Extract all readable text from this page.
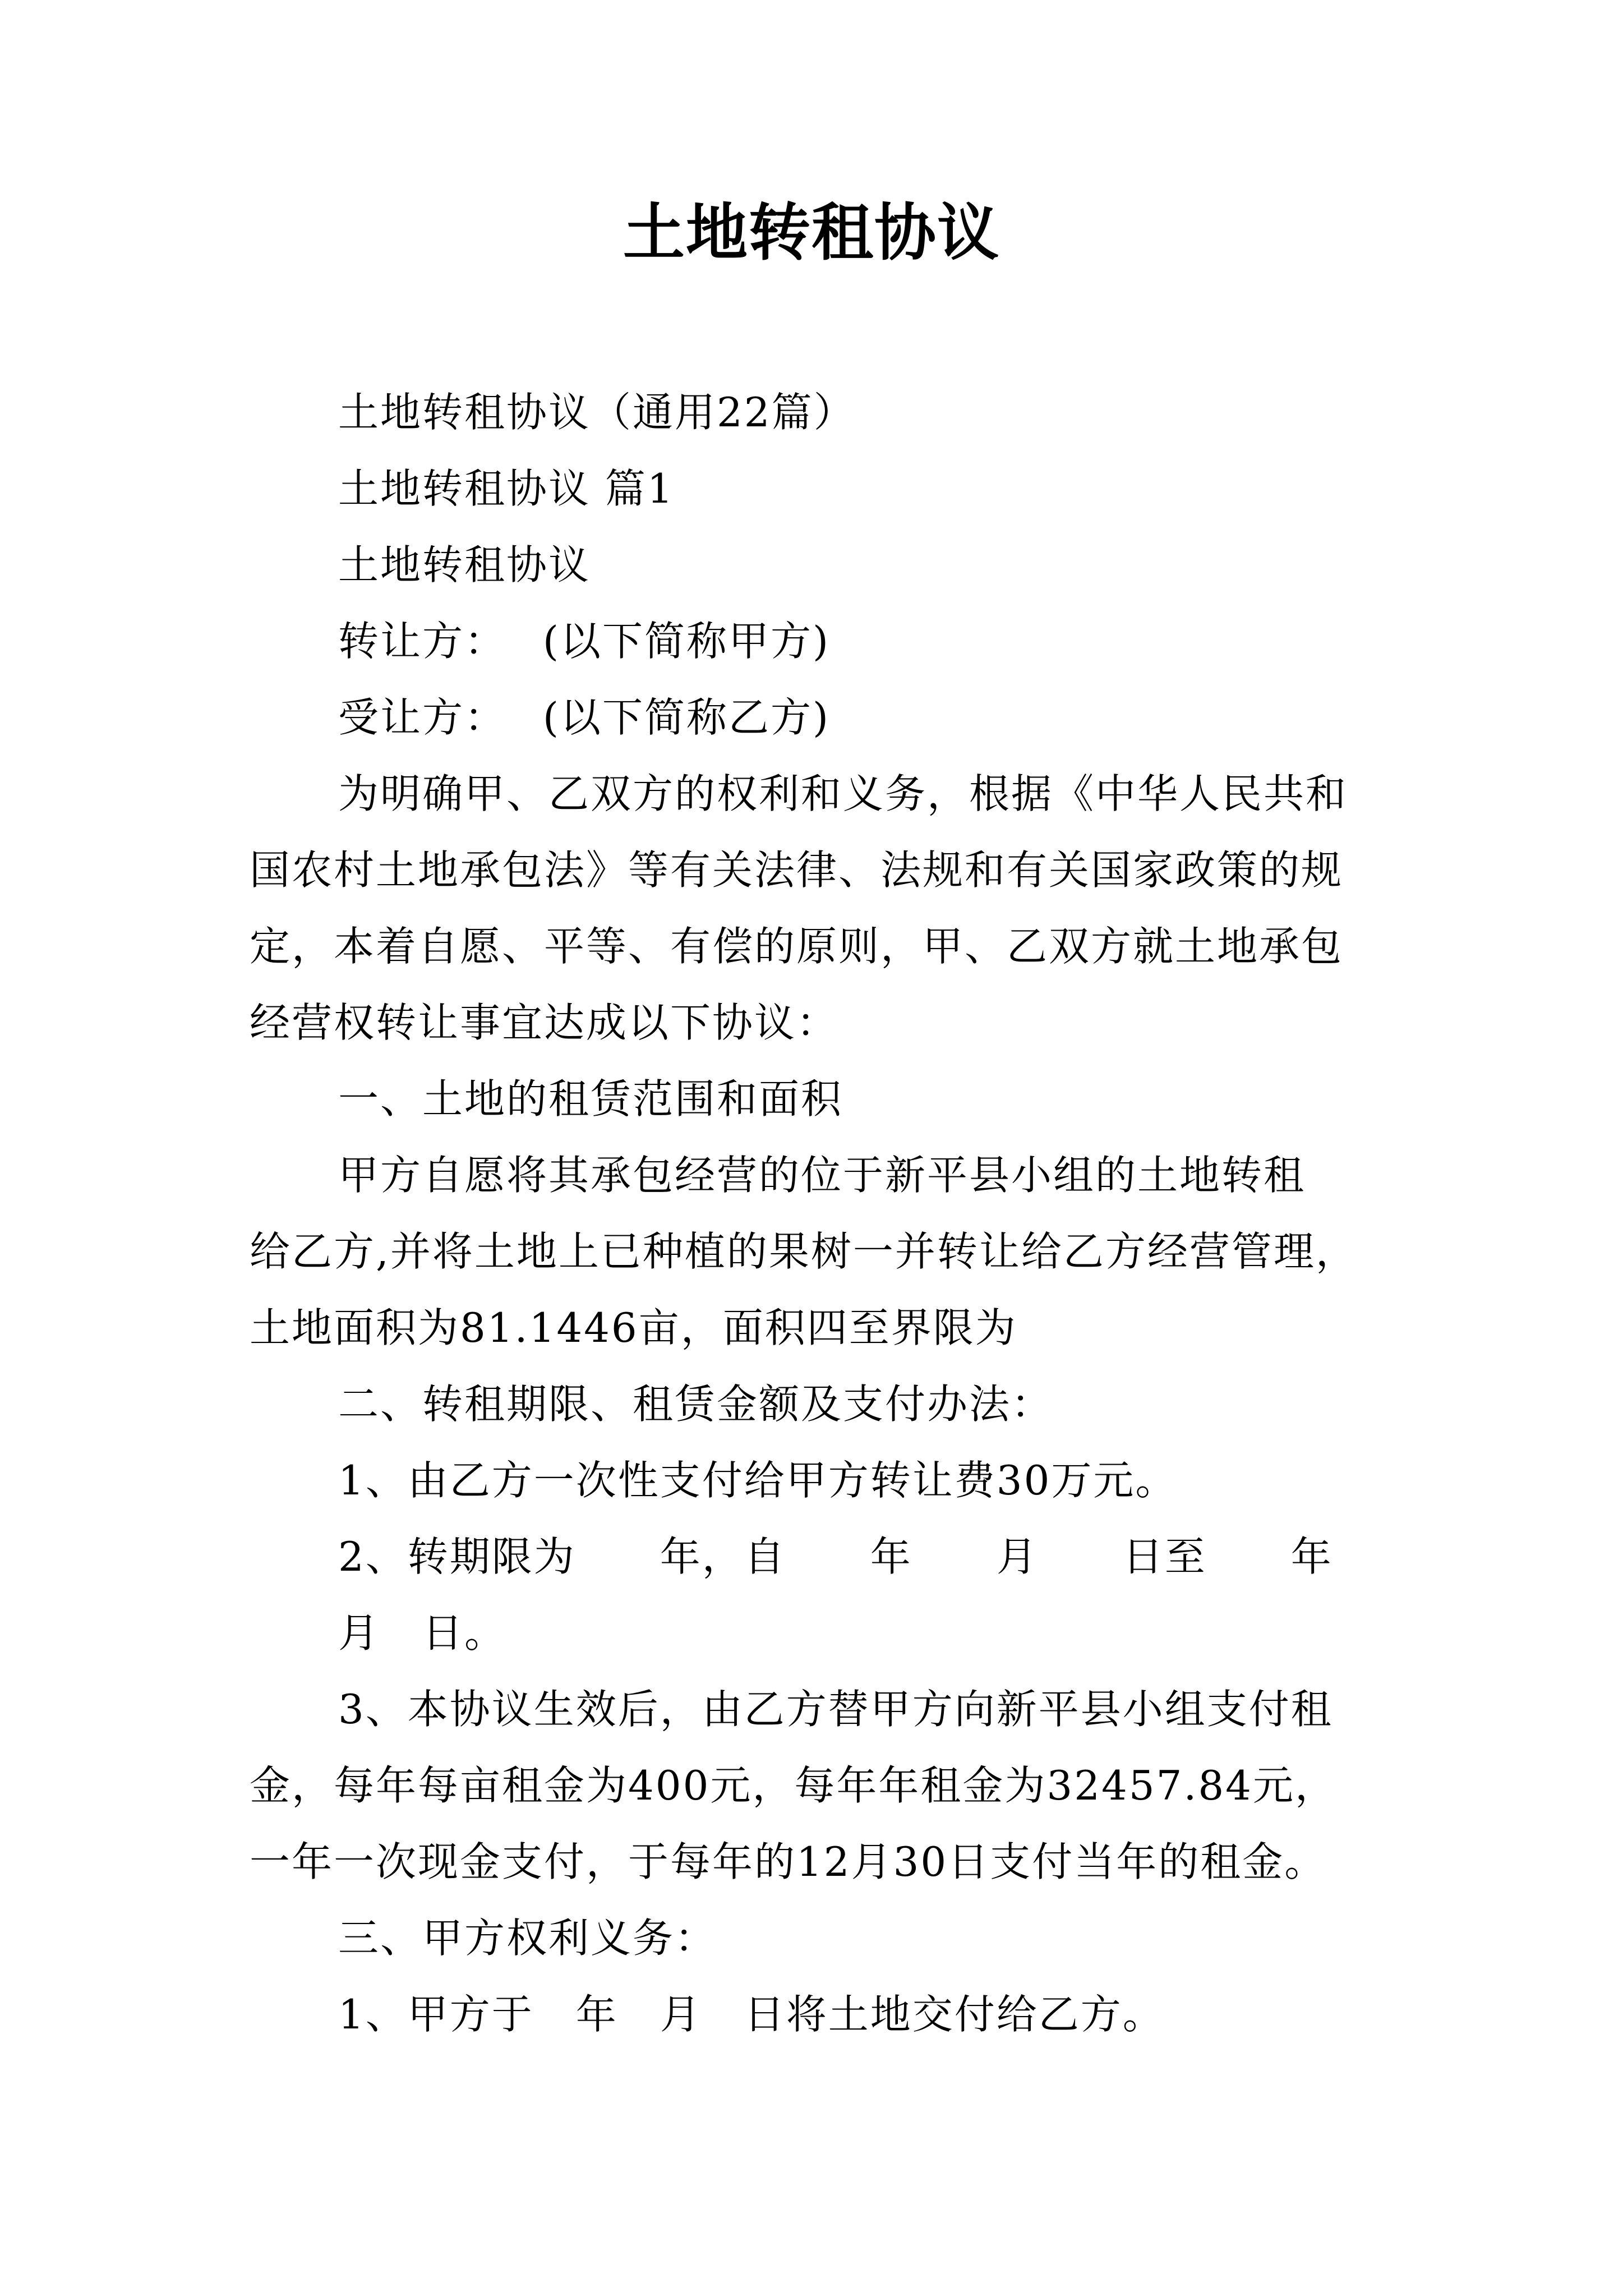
土地转租协议
土地转租协议（通用22篇）
土地转租协议 篇1
土地转租协议
转让方：　 (以下简称甲方)
受让方：　 (以下简称乙方)
为明确甲、乙双方的权利和义务，根据《中华人民共和
国农村土地承包法》等有关法律、法规和有关国家政策的规
定，本着自愿、平等、有偿的原则，甲、乙双方就土地承包
经营权转让事宜达成以下协议：
一、土地的租赁范围和面积
甲方自愿将其承包经营的位于新平县小组的土地转租
给乙方,并将土地上已种植的果树一并转让给乙方经营管理，
土地面积为81.1446亩，面积四至界限为
二、转租期限、租赁金额及支付办法：
1、由乙方一次性支付给甲方转让费30万元。
2、转期限为　　年，自　　年　　月　　日至　　年
月　日。
3、本协议生效后，由乙方替甲方向新平县小组支付租
金，每年每亩租金为400元，每年年租金为32457.84元，
一年一次现金支付，于每年的12月30日支付当年的租金。
三、甲方权利义务：
1、甲方于　年　月　日将土地交付给乙方。
